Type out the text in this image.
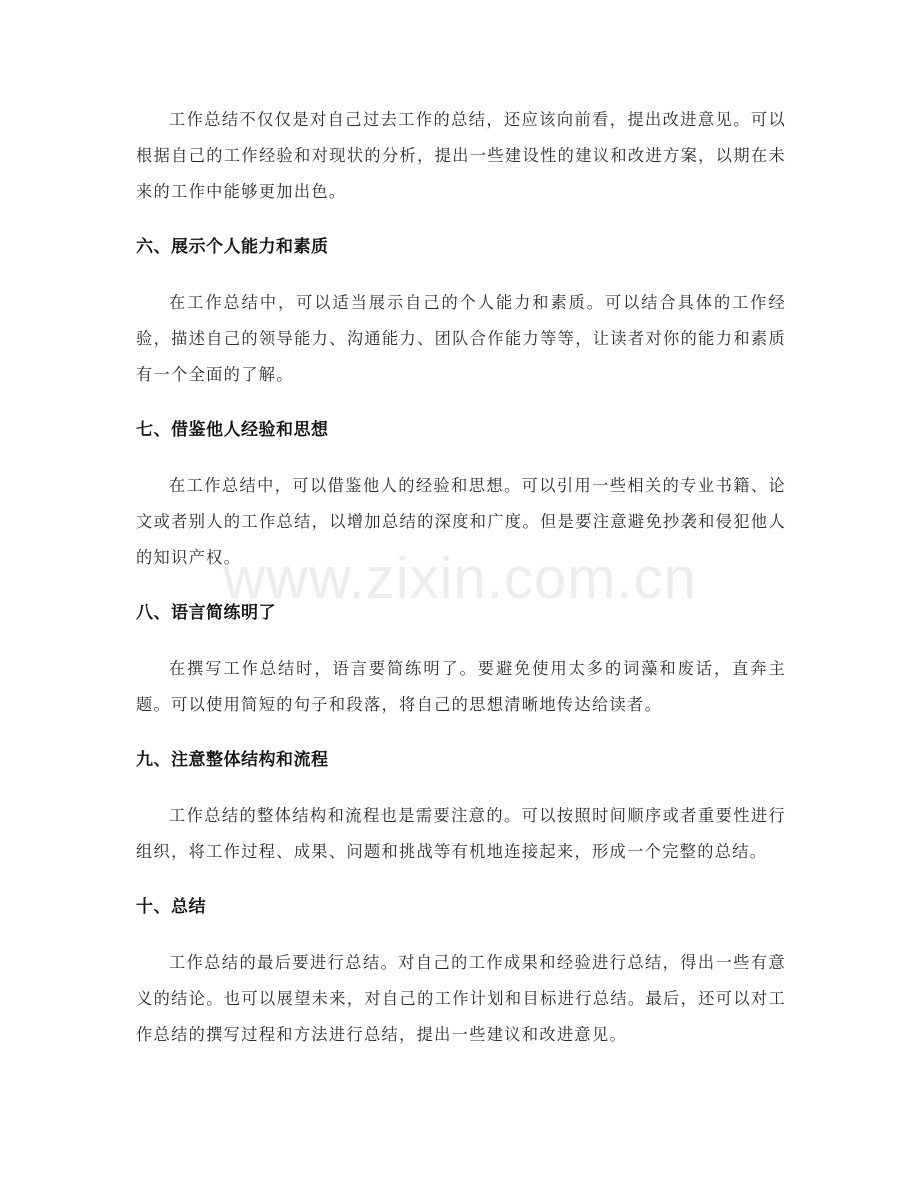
工作总结不仅仅是对自己过去工作的总结，还应该向前看，提出改进意见。可以根据自己的工作经验和对现状的分析，提出一些建设性的建议和改进方案，以期在未来的工作中能够更加出色。

六、展示个人能力和素质

在工作总结中，可以适当展示自己的个人能力和素质。可以结合具体的工作经验，描述自己的领导能力、沟通能力、团队合作能力等等，让读者对你的能力和素质有一个全面的了解。

七、借鉴他人经验和思想

在工作总结中，可以借鉴他人的经验和思想。可以引用一些相关的专业书籍、论文或者别人的工作总结，以增加总结的深度和广度。但是要注意避免抄袭和侵犯他人的知识产权。

八、语言简练明了

在撰写工作总结时，语言要简练明了。要避免使用太多的词藻和废话，直奔主题。可以使用简短的句子和段落，将自己的思想清晰地传达给读者。

九、注意整体结构和流程

工作总结的整体结构和流程也是需要注意的。可以按照时间顺序或者重要性进行组织，将工作过程、成果、问题和挑战等有机地连接起来，形成一个完整的总结。

十、总结

工作总结的最后要进行总结。对自己的工作成果和经验进行总结，得出一些有意义的结论。也可以展望未来，对自己的工作计划和目标进行总结。最后，还可以对工作总结的撰写过程和方法进行总结，提出一些建议和改进意见。

www.zixin.com.cn
